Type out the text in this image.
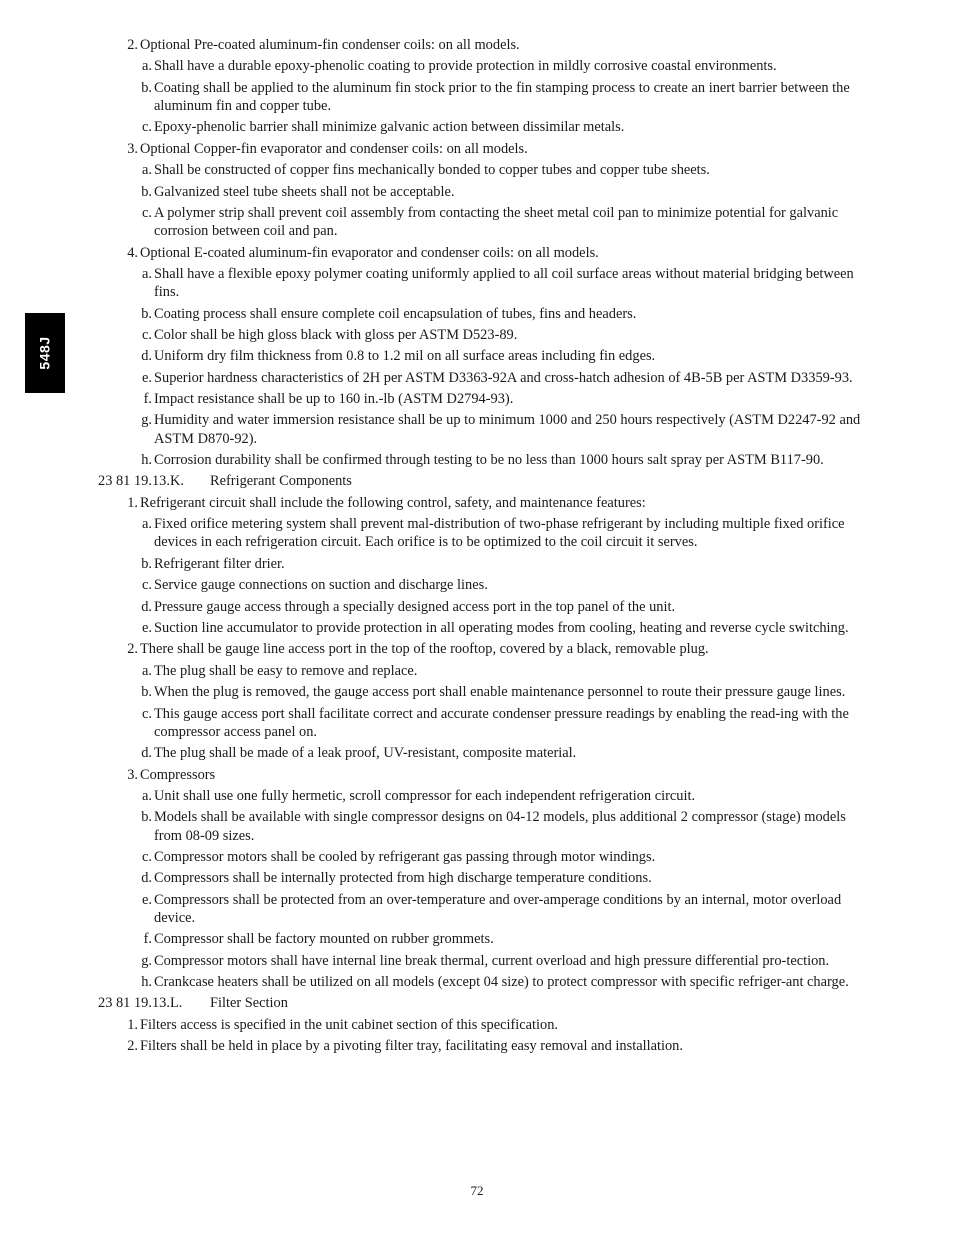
548J
2. Optional Pre-coated aluminum-fin condenser coils: on all models.
a. Shall have a durable epoxy-phenolic coating to provide protection in mildly corrosive coastal environments.
b. Coating shall be applied to the aluminum fin stock prior to the fin stamping process to create an inert barrier between the aluminum fin and copper tube.
c. Epoxy-phenolic barrier shall minimize galvanic action between dissimilar metals.
3. Optional Copper-fin evaporator and condenser coils: on all models.
a. Shall be constructed of copper fins mechanically bonded to copper tubes and copper tube sheets.
b. Galvanized steel tube sheets shall not be acceptable.
c. A polymer strip shall prevent coil assembly from contacting the sheet metal coil pan to minimize potential for galvanic corrosion between coil and pan.
4. Optional E-coated aluminum-fin evaporator and condenser coils: on all models.
a. Shall have a flexible epoxy polymer coating uniformly applied to all coil surface areas without material bridging between fins.
b. Coating process shall ensure complete coil encapsulation of tubes, fins and headers.
c. Color shall be high gloss black with gloss per ASTM D523-89.
d. Uniform dry film thickness from 0.8 to 1.2 mil on all surface areas including fin edges.
e. Superior hardness characteristics of 2H per ASTM D3363-92A and cross-hatch adhesion of 4B-5B per ASTM D3359-93.
f. Impact resistance shall be up to 160 in.-lb (ASTM D2794-93).
g. Humidity and water immersion resistance shall be up to minimum 1000 and 250 hours respectively (ASTM D2247-92 and ASTM D870-92).
h. Corrosion durability shall be confirmed through testing to be no less than 1000 hours salt spray per ASTM B117-90.
23 81 19.13.K. Refrigerant Components
1. Refrigerant circuit shall include the following control, safety, and maintenance features:
a. Fixed orifice metering system shall prevent mal-distribution of two-phase refrigerant by including multiple fixed orifice devices in each refrigeration circuit. Each orifice is to be optimized to the coil circuit it serves.
b. Refrigerant filter drier.
c. Service gauge connections on suction and discharge lines.
d. Pressure gauge access through a specially designed access port in the top panel of the unit.
e. Suction line accumulator to provide protection in all operating modes from cooling, heating and reverse cycle switching.
2. There shall be gauge line access port in the top of the rooftop, covered by a black, removable plug.
a. The plug shall be easy to remove and replace.
b. When the plug is removed, the gauge access port shall enable maintenance personnel to route their pressure gauge lines.
c. This gauge access port shall facilitate correct and accurate condenser pressure readings by enabling the read-ing with the compressor access panel on.
d. The plug shall be made of a leak proof, UV-resistant, composite material.
3. Compressors
a. Unit shall use one fully hermetic, scroll compressor for each independent refrigeration circuit.
b. Models shall be available with single compressor designs on 04-12 models, plus additional 2 compressor (stage) models from 08-09 sizes.
c. Compressor motors shall be cooled by refrigerant gas passing through motor windings.
d. Compressors shall be internally protected from high discharge temperature conditions.
e. Compressors shall be protected from an over-temperature and over-amperage conditions by an internal, motor overload device.
f. Compressor shall be factory mounted on rubber grommets.
g. Compressor motors shall have internal line break thermal, current overload and high pressure differential pro-tection.
h. Crankcase heaters shall be utilized on all models (except 04 size) to protect compressor with specific refriger-ant charge.
23 81 19.13.L. Filter Section
1. Filters access is specified in the unit cabinet section of this specification.
2. Filters shall be held in place by a pivoting filter tray, facilitating easy removal and installation.
72
